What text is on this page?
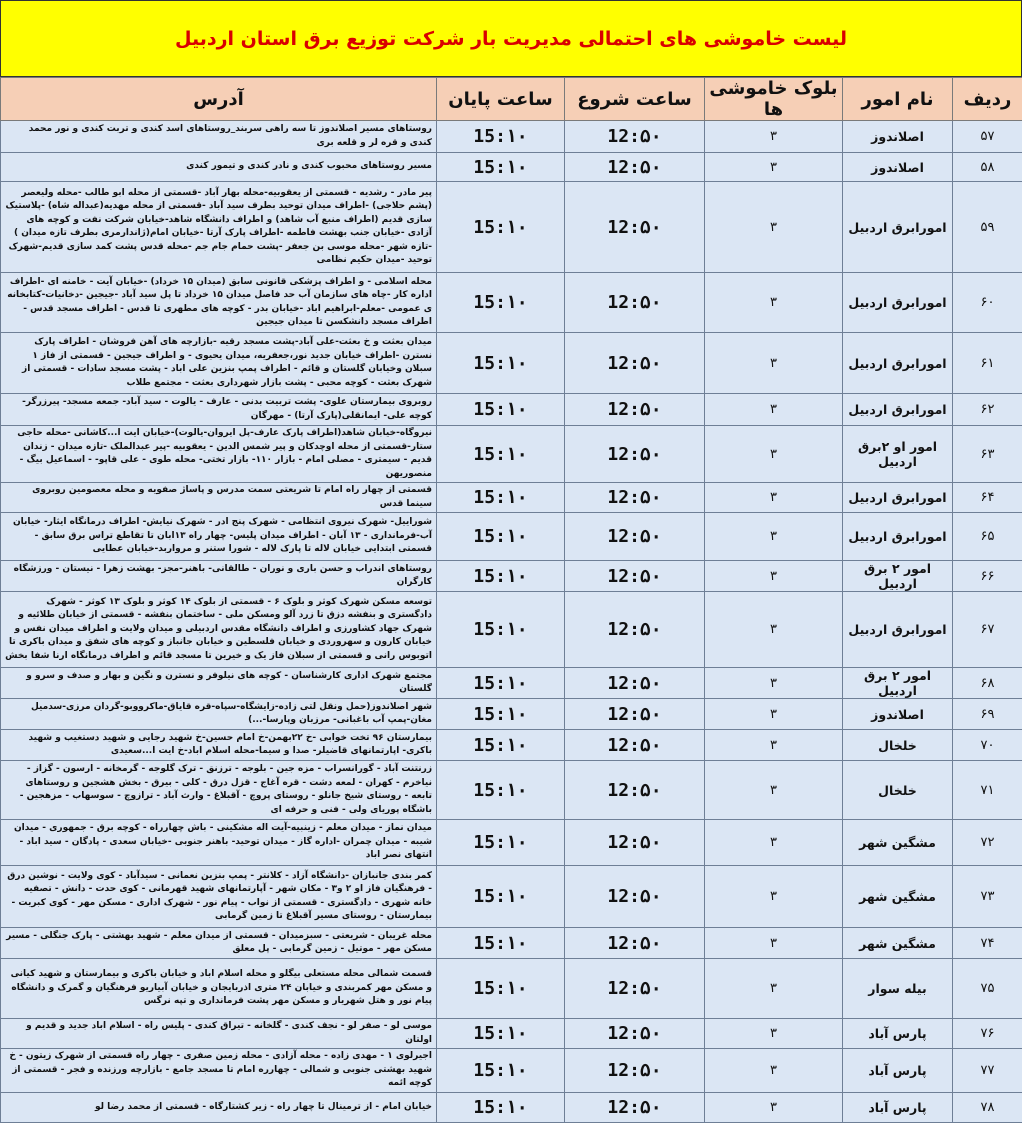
لیست خاموشی های احتمالی مدیریت بار شرکت توزیع برق استان اردبیل
ردیف	نام امور	بلوک خاموشی ها	ساعت شروع	ساعت پایان	آدرس
۵۷	اصلاندوز	۳	12:۵۰	15:۱۰	روستاهای مسیر اصلاندوز تا سه راهی سربند_روستاهای اسد کندی و تربت کندی و نور محمد کندی و قره لر و قلعه بری
۵۸	اصلاندوز	۳	12:۵۰	15:۱۰	مسیر روستاهای محبوب کندی و نادر کندی و تیمور کندی
۵۹	امورابرق اردبیل	۳	12:۵۰	15:۱۰	پیر مادر - رشدیه - قسمتی از یعقوبیه-محله بهار آباد -قسمتی از محله ابو طالب -محله ولیعصر (پشم حلاجی) -اطراف میدان توحید بطرف سید آباد -قسمتی از محله مهدیه(عبداله شاه) -پلاستیک سازی قدیم (اطراف منبع آب شاهد) و اطراف دانشگاه شاهد-خیابان شرکت نفت و کوچه های آزادی -خیابان جنب بهشت فاطمه -اطراف پارک آرتا -خیابان امام(ژاندارمری بطرف تازه میدان ) -تازه شهر -محله موسی بن جعفر -پشت حمام جام جم -محله قدس پشت کمد سازی قدیم-شهرک توحید -میدان حکیم نظامی
۶۰	امورابرق اردبیل	۳	12:۵۰	15:۱۰	محله اسلامی - و اطراف پزشکی قانونی سابق (میدان ۱۵ خرداد) -خیابان آیت - خامنه ای -اطراف اداره کار -چاه های سازمان آب حد فاصل میدان ۱۵ خرداد تا پل سید آباد -جیجین -دخانیات-کتابخانه ی عمومی -معلم-ابراهیم اباد -خیابان بدر - کوچه های مطهری تا قدس - اطراف مسجد قدس - اطراف مسجد دانشکسن تا میدان جیجین
۶۱	امورابرق اردبیل	۳	12:۵۰	15:۱۰	میدان بعثت و خ بعثت-علی آباد-پشت مسجد رقیه -بازارچه های آهن فروشان - اطراف پارک نسترن -اطراف خیابان جدید نور،جعفریه، میدان یحیوی - و اطراف جیجین - قسمتی از فاز ۱ سبلان وخیابان گلستان و قائم - اطراف پمپ بنزین علی اباد - پشت مسجد سادات - قسمتی از شهرک بعثت - کوچه محبی - پشت بازار شهرداری بعثت - مجتمع طلاب
۶۲	امورابرق اردبیل	۳	12:۵۰	15:۱۰	روبروی بیمارستان علوی- پشت تربیت بدنی - عارف - یالوت - سید آباد- جمعه مسجد- پیرزرگر- کوچه علی- ایمانقلی(پارک آرتا) - مهرگان
۶۳	امور او ۲برق اردبیل	۳	12:۵۰	15:۱۰	نیروگاه-خیابان شاهد(اطراف پارک عارف-پل ایروان-یالوت)-خیابان ایت ا...کاشانی -محله حاجی ستار-قسمتی از محله اوچدکان و پیر شمس الدین - یعقوبیه -پیر عبدالملک -تازه میدان - زندان قدیم - سیمتری - مصلی امام - بازار ۱۱۰- بازار تختی- محله طوی - علی قاپو- - اسماعیل بیگ - منصوریهن
۶۴	امورابرق اردبیل	۳	12:۵۰	15:۱۰	قسمتی از چهار راه امام تا شریعتی سمت مدرس و پاساژ صفویه و محله معصومین روبروی سینما قدس
۶۵	امورابرق اردبیل	۳	12:۵۰	15:۱۰	شوراییل- شهرک نیروی انتظامی - شهرک پنج ادر - شهرک نیایش- اطراف درمانگاه ایثار- خیابان آب-فرمانداری - ۱۳ آبان - اطراف میدان پلیس- چهار راه ۱۳ابان تا تقاطع تراس برق سابق - قسمتی ابتدایی خیابان لاله تا پارک لاله - شورا ستنر و مرواربد-خیابان عطایی
۶۶	امور ۲ برق اردبیل	۳	12:۵۰	15:۱۰	روستاهای اندراب و حسن باری و نوران - طالقانی- باهنر-مجز- بهشت زهرا - نیستان - ورزشگاه کارگران
۶۷	امورابرق اردبیل	۳	12:۵۰	15:۱۰	توسعه مسکن شهرک کوثر و بلوک ۶ - قسمتی از بلوک ۱۴ کوثر و بلوک ۱۳ کوثر - شهرک دادگستری و بنفشه دزق تا زرد آلو ومسکن ملی - ساختمان بنفشه - قسمتی از خیابان طلائیه و شهرک جهاد کشاورزی و اطراف دانشگاه مقدس اردبیلی و میدان ولایت و اطراف میدان نفس و خیابان کارون و سهروردی و خیابان فلسطین و خیابان جانباز و کوچه های شفق و میدان باکری تا اتوبوس رانی و قسمتی از سبلان فاز یک و خیرین تا مسجد قائم و اطراف درمانگاه ارنا شفا بخش
۶۸	امور ۲ برق اردبیل	۳	12:۵۰	15:۱۰	مجتمع شهرک اداری کارشناسان - کوچه های نیلوفر و نسترن و نگین و بهار و صدف و سرو و گلستان
۶۹	اصلاندوز	۳	12:۵۰	15:۱۰	شهر اصلاندوز(حمل ونقل لتی زاده-زایشگاه-سپاه-قره قایاق-ماکرووبو-گردان مرزی-سدمیل مغان-پمپ آب باغبانی- مرزبان وپارسا-...)
۷۰	خلخال	۳	12:۵۰	15:۱۰	بیمارستان ۹۶ تخت خوابی -خ ۲۲بهمن-خ امام حسین-خ شهید رجایی و شهید دستغیب و شهید باکری- اپارتمانهای قاضیلر- صدا و سیما-محله اسلام اباد-خ ایت ا...سعیدی
۷۱	خلخال	۳	12:۵۰	15:۱۰	زرنتنت آباد - گورانسراب - مزه جین - بلوجه - ترزنق - ترک گلوجه - گرمخانه - ارسون - گزاز - نیاخرم - کهران - لمعه دشت - قره آغاج - قزل درق - کلی - بیرق - بخش هشجین و روستاهای تابعه - روستای شیخ جانلو - روستای پروچ - آقبلاغ - وارث آباد - ترازوچ - سوسهاب - مزهجین - باشگاه پوریای ولی - فنی و حرفه ای
۷۲	مشگین شهر	۳	12:۵۰	15:۱۰	میدان نماز - میدان معلم - زینبیه-آیت اله مشکینی - باش چهارراه - کوچه برق - جمهوری - میدان شیبه - میدان چمران -اداره گاز - میدان توحید- باهنر جنوبی -خیابان سعدی - پادگان - سید اباد - انتهای نصر اباد
۷۳	مشگین شهر	۳	12:۵۰	15:۱۰	کمر بندی جانبازان -دانشگاه آزاد - کلانتر - پمپ بنزین نعمانی - سیدآباد - کوی ولایت - نوشین درق - فرهنگیان فاز او ۲ و۳ - مکان شهر - آپارتمانهای شهید قهرمانی - کوی حدت - دانش - تصفیه خانه شهری - دادگستری - قسمتی از نواب - پیام نور - شهرک اداری - مسکن مهر - کوی کبریت - بیمارستان - روستای مسیر آقبلاغ تا زمین گرمابی
۷۴	مشگین شهر	۳	12:۵۰	15:۱۰	محله غریبان - شریعتی - سبزمیدان - قسمتی از میدان معلم - شهید بهشتی - پارک جنگلی - مسیر مسکن مهر - موتیل - زمین گرمابی - پل معلق
۷۵	بیله سوار	۳	12:۵۰	15:۱۰	قسمت شمالی محله مستعلی بیگلو و محله اسلام اباد و خیابان باکری و بیمارستان و شهید کیانی و مسکن مهر کمربندی و خیابان ۲۴ متری اذربایجان و خیابان آبیاریو فرهنگیان و گمرک و دانشگاه پیام نور و هتل شهریار و مسکن مهر پشت فرمانداری و تپه نرگس
۷۶	پارس آباد	۳	12:۵۰	15:۱۰	موسی لو - صفر لو - نجف کندی - گلخانه - تیراق کندی - پلیس راه - اسلام اباد جدید و قدیم و اولتان
۷۷	پارس آباد	۳	12:۵۰	15:۱۰	اجیرلوی ۱ - مهدی زاده - محله آزادی - محله زمین صفری - چهار راه قسمتی از شهرک زیتون - خ شهید بهشتی جنوبی و شمالی - چهارره امام تا مسجد جامع - بازارچه ورزنده و فجر - قسمتی از کوچه ائمه
۷۸	پارس آباد	۳	12:۵۰	15:۱۰	خیابان امام - از ترمینال تا چهار راه - زیر کشتارگاه - قسمتی از محمد رضا لو
